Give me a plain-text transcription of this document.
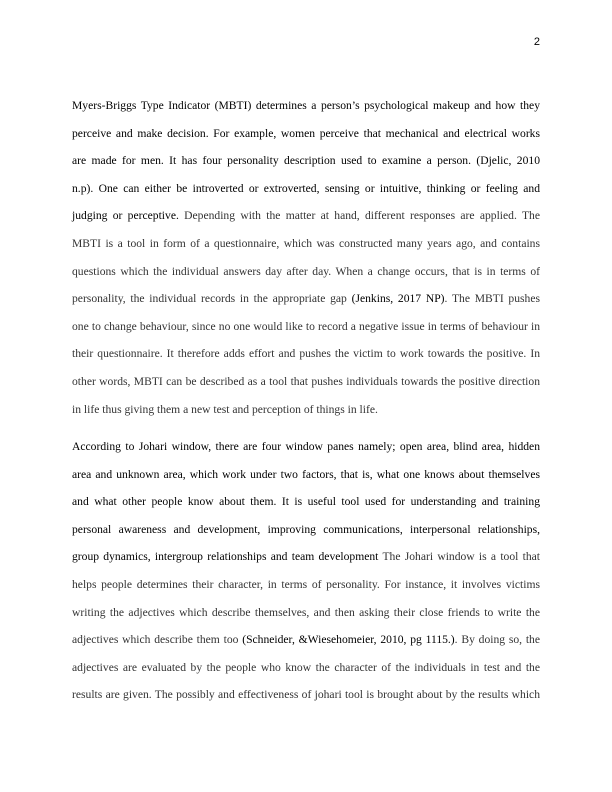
2
Myers-Briggs Type Indicator (MBTI) determines a person’s psychological makeup and how they
perceive and make decision. For example, women perceive that mechanical and electrical works
are made for men. It has four personality description used to examine a person. (Djelic, 2010
n.p). One can either be introverted or extroverted, sensing or intuitive, thinking or feeling and
judging or perceptive. Depending with the matter at hand, different responses are applied. The
MBTI is a tool in form of a questionnaire, which was constructed many years ago, and contains
questions which the individual answers day after day. When a change occurs, that is in terms of
personality, the individual records in the appropriate gap (Jenkins, 2017 NP). The MBTI pushes
one to change behaviour, since no one would like to record a negative issue in terms of behaviour in
their questionnaire. It therefore adds effort and pushes the victim to work towards the positive. In
other words, MBTI can be described as a tool that pushes individuals towards the positive direction
in life thus giving them a new test and perception of things in life.
According to Johari window, there are four window panes namely; open area, blind area, hidden
area and unknown area, which work under two factors, that is, what one knows about themselves
and what other people know about them. It is useful tool used for understanding and training
personal awareness and development, improving communications, interpersonal relationships,
group dynamics, intergroup relationships and team development The Johari window is a tool that
helps people determines their character, in terms of personality. For instance, it involves victims
writing the adjectives which describe themselves, and then asking their close friends to write the
adjectives which describe them too (Schneider, &Wiesehomeier, 2010, pg 1115.). By doing so, the
adjectives are evaluated by the people who know the character of the individuals in test and the
results are given. The possibly and effectiveness of johari tool is brought about by the results which
